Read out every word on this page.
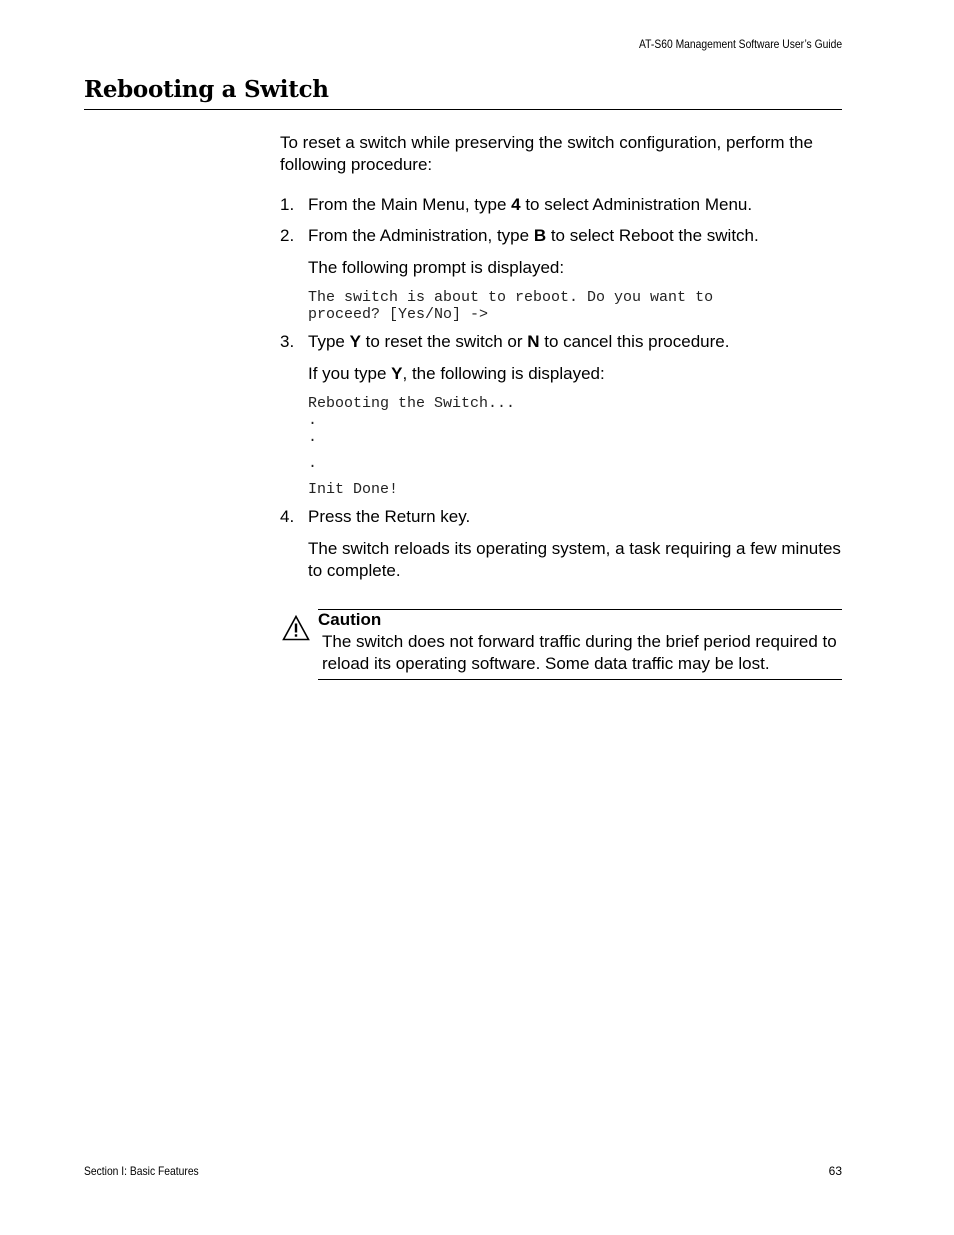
AT-S60 Management Software User’s Guide
Rebooting a Switch

To reset a switch while preserving the switch configuration, perform the following procedure:

1. From the Main Menu, type 4 to select Administration Menu.
2. From the Administration, type B to select Reboot the switch.

The following prompt is displayed:

The switch is about to reboot. Do you want to
proceed? [Yes/No] ->
3. Type Y to reset the switch or N to cancel this procedure.

If you type Y, the following is displayed:

Rebooting the Switch...
.
.
.
Init Done!
4. Press the Return key.

The switch reloads its operating system, a task requiring a few minutes to complete.

Caution
The switch does not forward traffic during the brief period required to reload its operating software. Some data traffic may be lost.
Section I: Basic Features	63
